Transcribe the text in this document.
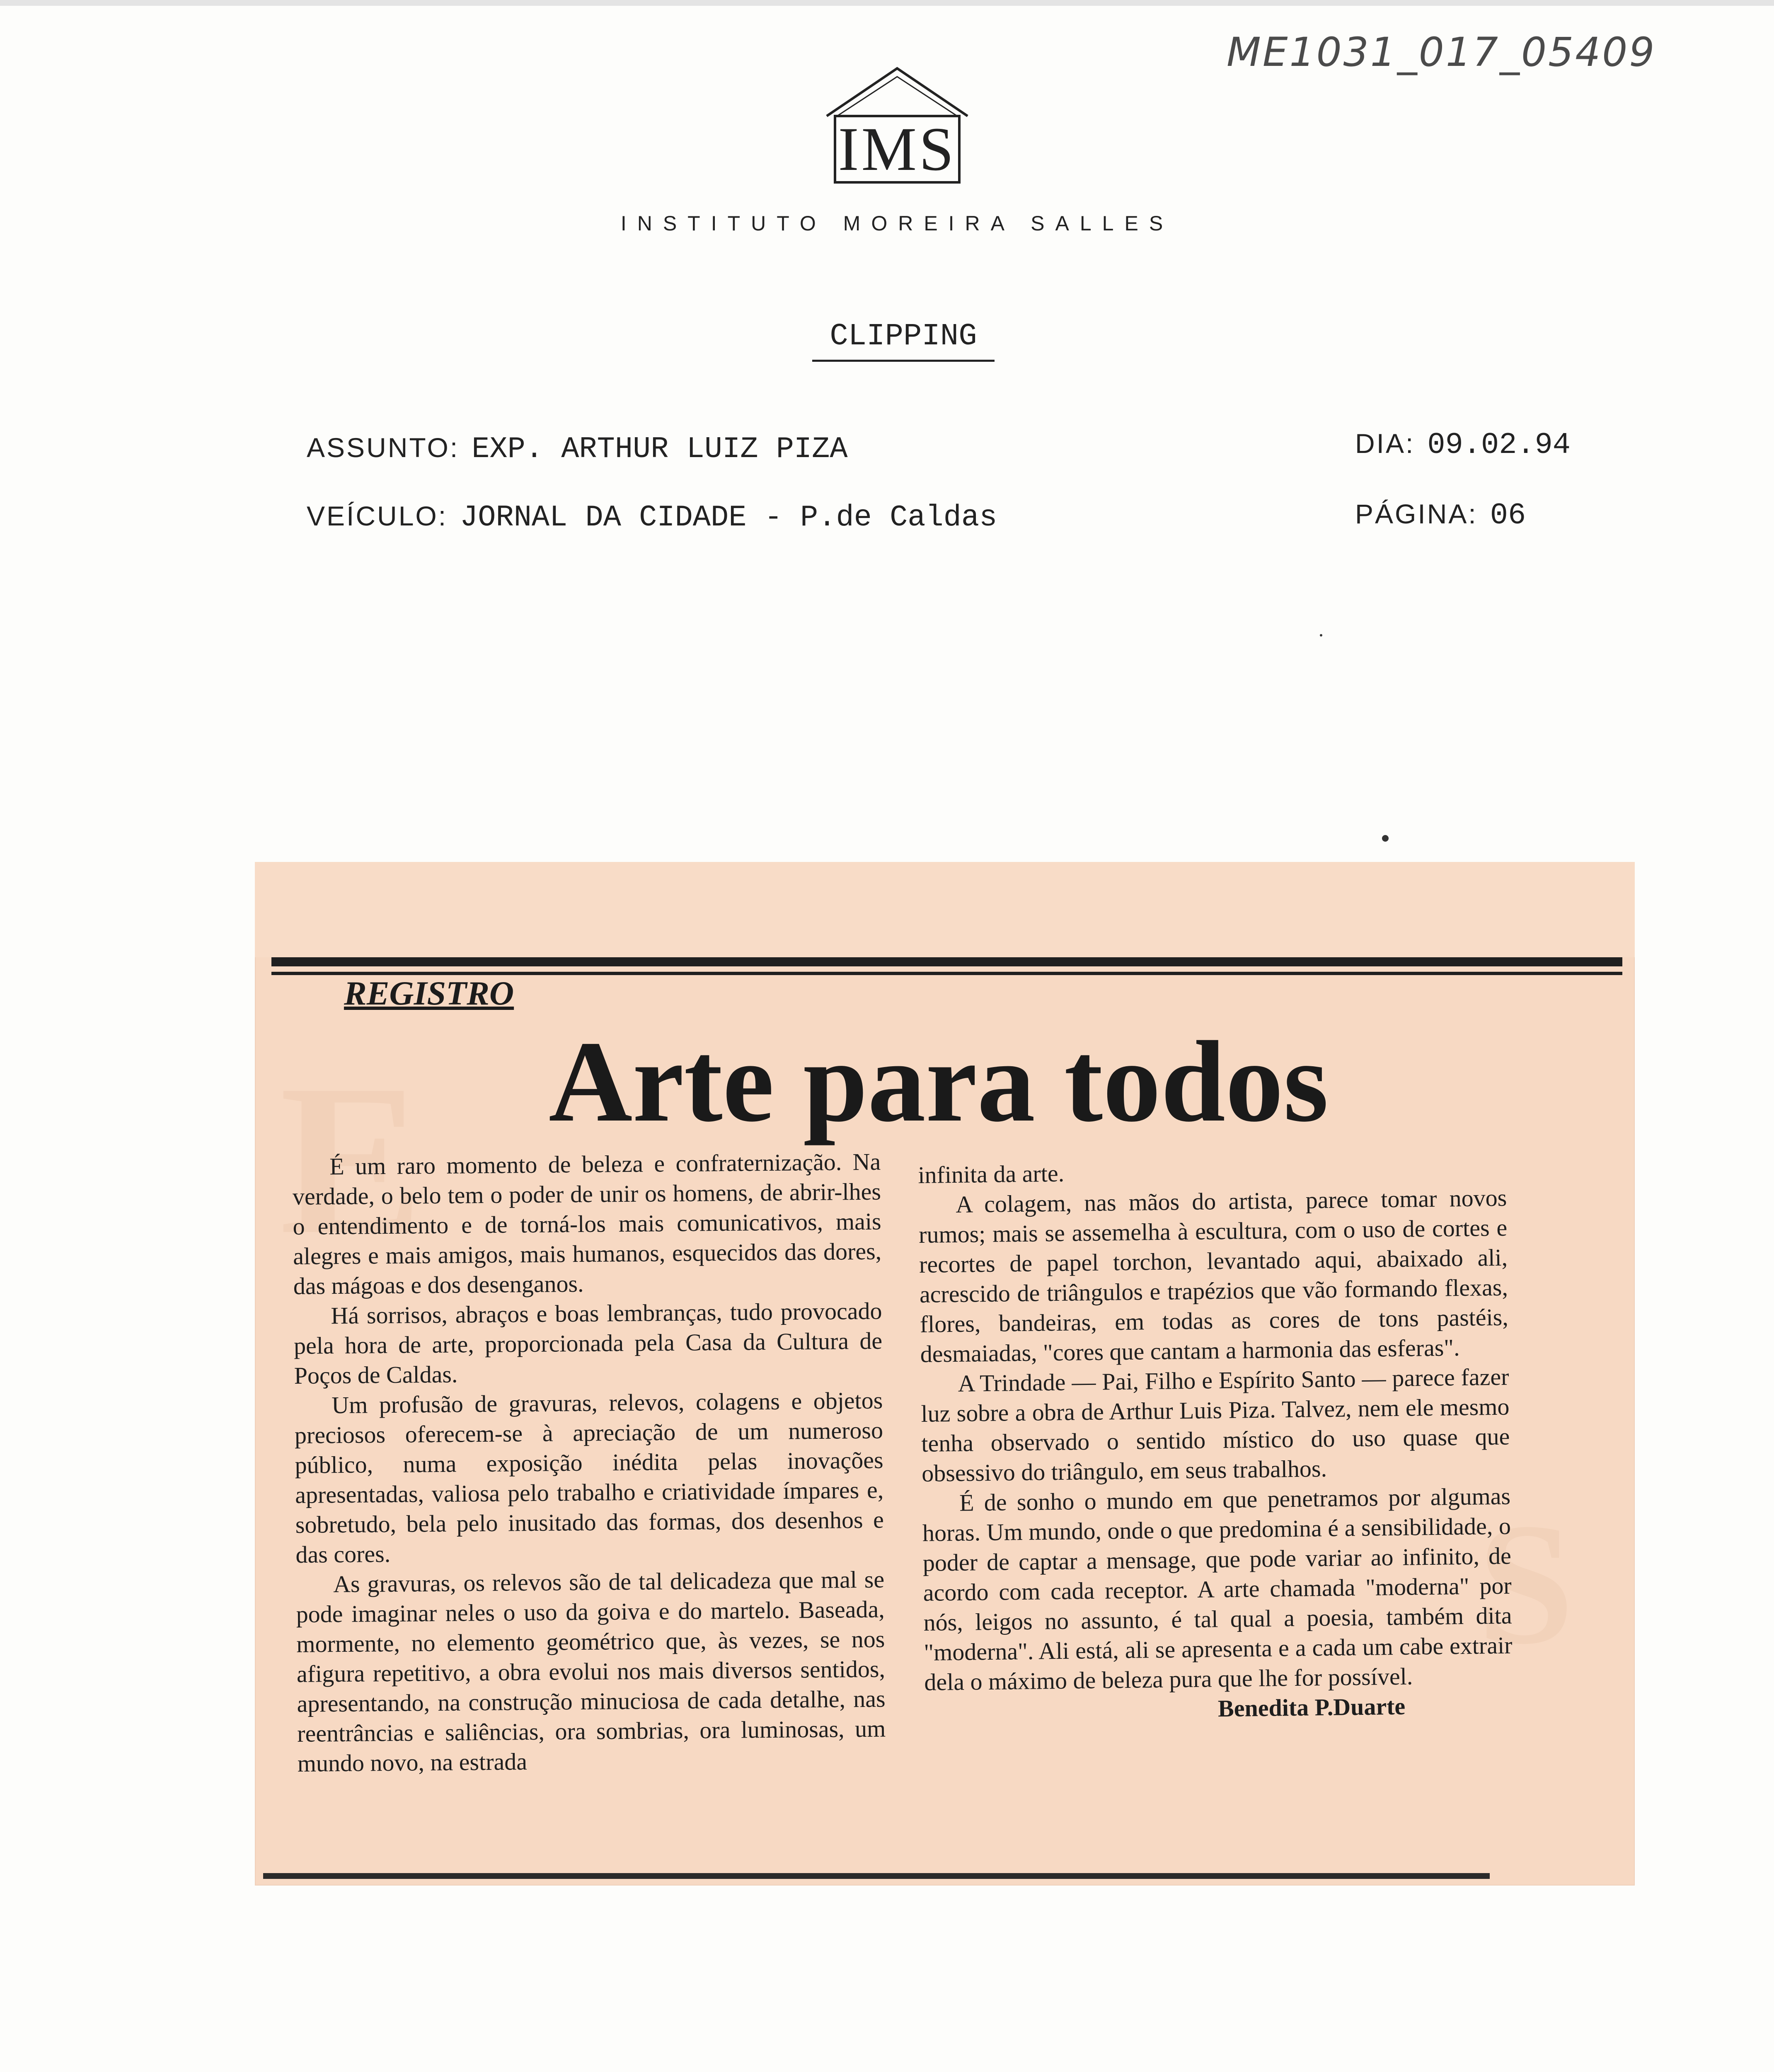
ME1031_017_05409
IMS
INSTITUTO MOREIRA SALLES
CLIPPING
ASSUNTO: EXP. ARTHUR LUIZ PIZA
VEÍCULO: JORNAL DA CIDADE - P.de Caldas
DIA: 09.02.94
PÁGINA: 06
E
S
REGISTRO
Arte para todos

É um raro momento de beleza e confraternização. Na verdade, o belo tem o poder de unir os homens, de abrir-lhes o entendimento e de torná-los mais comunicativos, mais alegres e mais amigos, mais humanos, esquecidos das dores, das mágoas e dos desenganos.

Há sorrisos, abraços e boas lembranças, tudo provocado pela hora de arte, proporcionada pela Casa da Cultura de Poços de Caldas.

Um profusão de gravuras, relevos, colagens e objetos preciosos oferecem-se à apreciação de um numeroso público, numa exposição inédita pelas inovações apresentadas, valiosa pelo trabalho e criatividade ímpares e, sobretudo, bela pelo inusitado das formas, dos desenhos e das cores.

As gravuras, os relevos são de tal delicadeza que mal se pode imaginar neles o uso da goiva e do martelo. Baseada, mormente, no elemento geométrico que, às vezes, se nos afigura repetitivo, a obra evolui nos mais diversos sentidos, apresentando, na construção minuciosa de cada detalhe, nas reentrâncias e saliências, ora sombrias, ora luminosas, um mundo novo, na estrada

infinita da arte.

A colagem, nas mãos do artista, parece tomar novos rumos; mais se assemelha à escultura, com o uso de cortes e recortes de papel torchon, levantado aqui, abaixado ali, acrescido de triângulos e trapézios que vão formando flexas, flores, bandeiras, em todas as cores de tons pastéis, desmaiadas, "cores que cantam a harmonia das esferas".

A Trindade — Pai, Filho e Espírito Santo — parece fazer luz sobre a obra de Arthur Luis Piza. Talvez, nem ele mesmo tenha observado o sentido místico do uso quase que obsessivo do triângulo, em seus trabalhos.

É de sonho o mundo em que penetramos por algumas horas. Um mundo, onde o que predomina é a sensibilidade, o poder de captar a mensage, que pode variar ao infinito, de acordo com cada receptor. A arte chamada "moderna" por nós, leigos no assunto, é tal qual a poesia, também dita "moderna". Ali está, ali se apresenta e a cada um cabe extrair dela o máximo de beleza pura que lhe for possível.

Benedita P.Duarte
